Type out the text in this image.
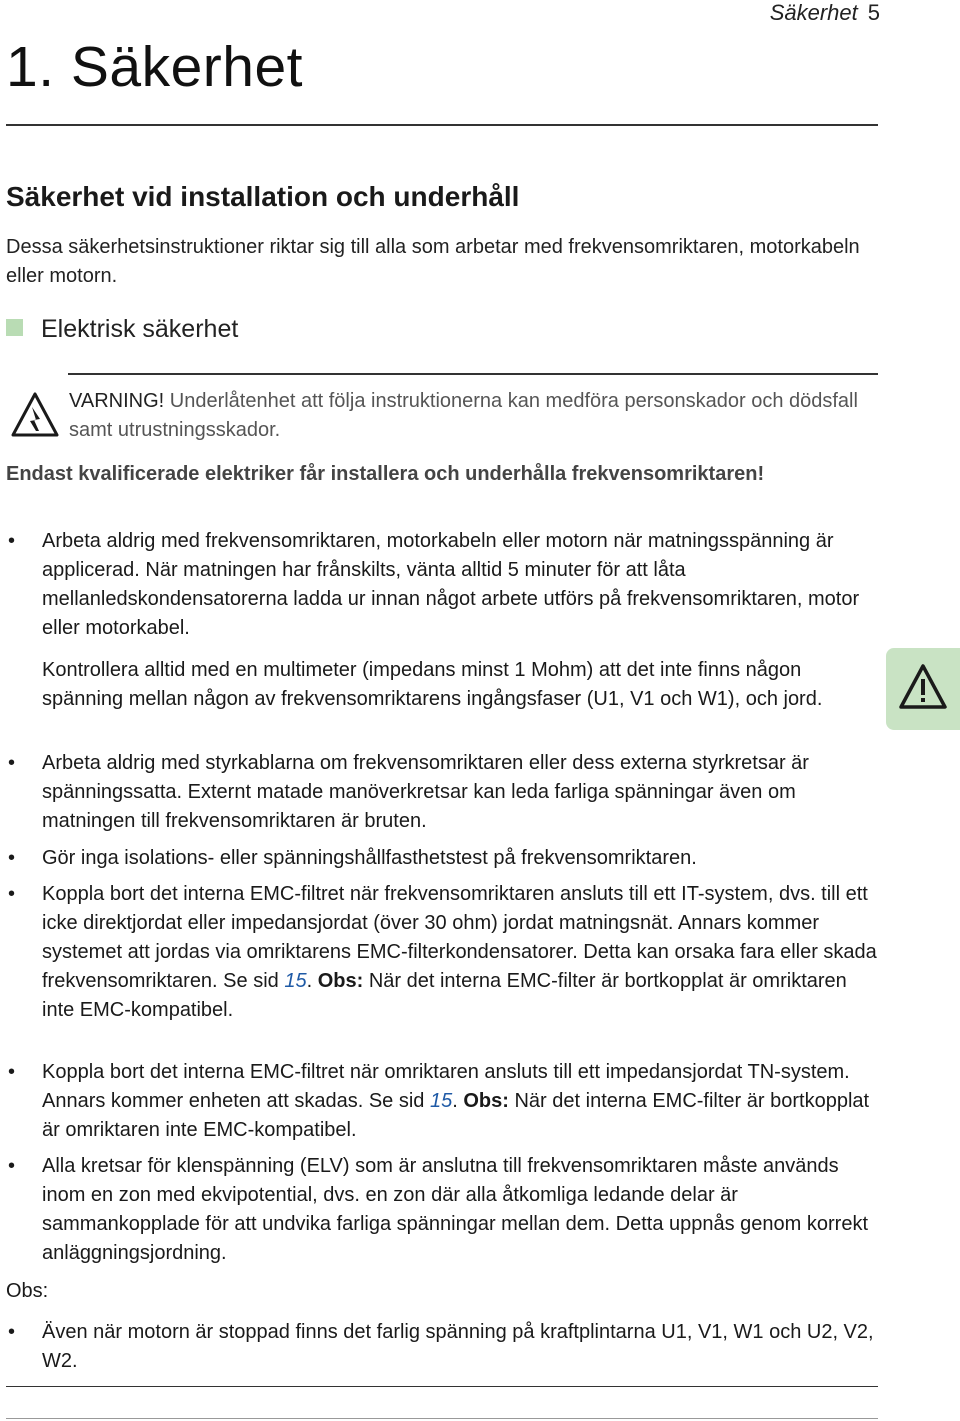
Säkerhet 5
1. Säkerhet
Säkerhet vid installation och underhåll
Dessa säkerhetsinstruktioner riktar sig till alla som arbetar med frekvensomriktaren, motorkabeln eller motorn.
Elektrisk säkerhet
VARNING! Underlåtenhet att följa instruktionerna kan medföra personskador och dödsfall samt utrustningsskador.
Endast kvalificerade elektriker får installera och underhålla frekvensomriktaren!
• Arbeta aldrig med frekvensomriktaren, motorkabeln eller motorn när matningsspänning är applicerad. När matningen har frånskilts, vänta alltid 5 minuter för att låta mellanledskondensatorerna ladda ur innan något arbete utförs på frekvensomriktaren, motor eller motorkabel.
Kontrollera alltid med en multimeter (impedans minst 1 Mohm) att det inte finns någon spänning mellan någon av frekvensomriktarens ingångsfaser (U1, V1 och W1), och jord.
• Arbeta aldrig med styrkablarna om frekvensomriktaren eller dess externa styrkretsar är spänningssatta. Externt matade manöverkretsar kan leda farliga spänningar även om matningen till frekvensomriktaren är bruten.
• Gör inga isolations- eller spänningshållfasthetstest på frekvensomriktaren.
• Koppla bort det interna EMC-filtret när frekvensomriktaren ansluts till ett IT-system, dvs. till ett icke direktjordat eller impedansjordat (över 30 ohm) jordat matningsnät. Annars kommer systemet att jordas via omriktarens EMC-filterkondensatorer. Detta kan orsaka fara eller skada frekvensomriktaren. Se sid 15. Obs: När det interna EMC-filter är bortkopplat är omriktaren inte EMC-kompatibel.
• Koppla bort det interna EMC-filtret när omriktaren ansluts till ett impedansjordat TN-system. Annars kommer enheten att skadas. Se sid 15. Obs: När det interna EMC-filter är bortkopplat är omriktaren inte EMC-kompatibel.
• Alla kretsar för klenspänning (ELV) som är anslutna till frekvensomriktaren måste används inom en zon med ekvipotential, dvs. en zon där alla åtkomliga ledande delar är sammankopplade för att undvika farliga spänningar mellan dem. Detta uppnås genom korrekt anläggningsjordning.
Obs:
• Även när motorn är stoppad finns det farlig spänning på kraftplintarna U1, V1, W1 och U2, V2, W2.
